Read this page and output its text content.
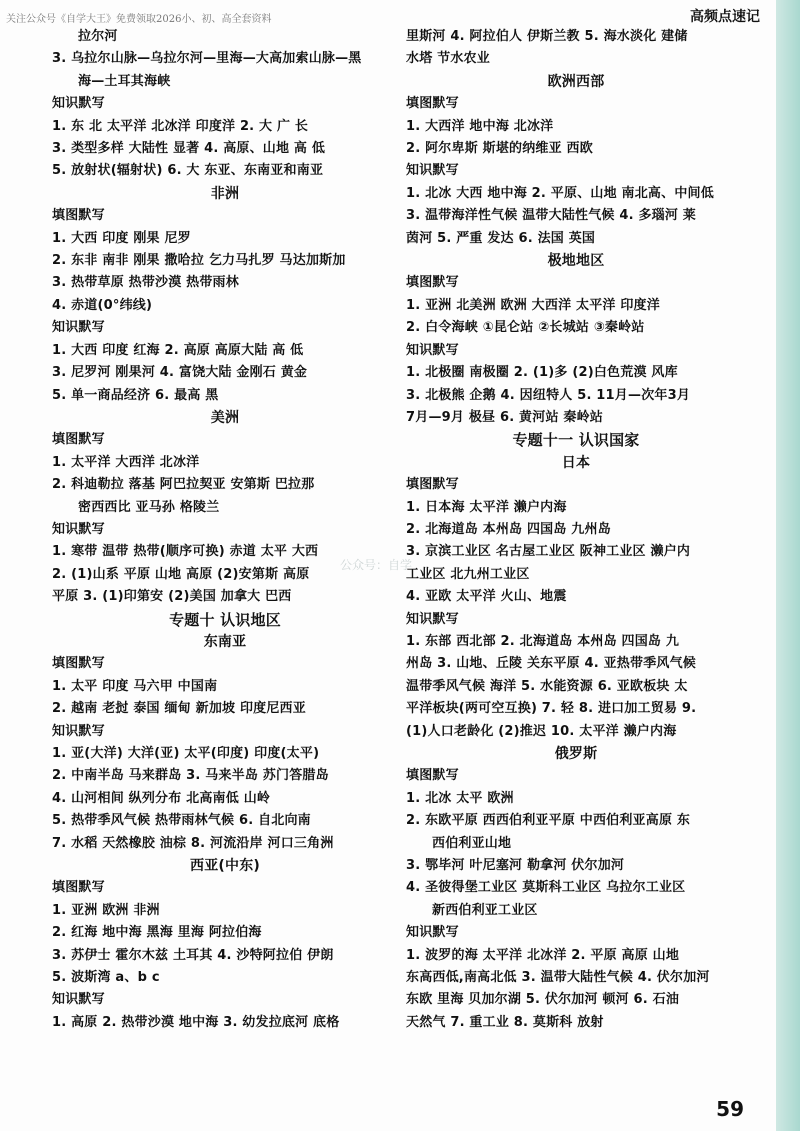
关注公众号《自学大王》免费领取2026小、初、高全套资料	高频点速记
公众号：自学
拉尔河
3. 乌拉尔山脉—乌拉尔河—里海—大高加索山脉—黑
海—土耳其海峡
知识默写
1. 东 北 太平洋 北冰洋 印度洋 2. 大 广 长
3. 类型多样 大陆性 显著 4. 高原、山地 高 低
5. 放射状(辐射状) 6. 大 东亚、东南亚和南亚
非洲
填图默写
1. 大西 印度 刚果 尼罗
2. 东非 南非 刚果 撒哈拉 乞力马扎罗 马达加斯加
3. 热带草原 热带沙漠 热带雨林
4. 赤道(0°纬线)
知识默写
1. 大西 印度 红海 2. 高原 高原大陆 高 低
3. 尼罗河 刚果河 4. 富饶大陆 金刚石 黄金
5. 单一商品经济 6. 最高 黑
美洲
填图默写
1. 太平洋 大西洋 北冰洋
2. 科迪勒拉 落基 阿巴拉契亚 安第斯 巴拉那
密西西比 亚马孙 格陵兰
知识默写
1. 寒带 温带 热带(顺序可换) 赤道 太平 大西
2. (1)山系 平原 山地 高原 (2)安第斯 高原
平原 3. (1)印第安 (2)美国 加拿大 巴西
专题十 认识地区
东南亚
填图默写
1. 太平 印度 马六甲 中国南
2. 越南 老挝 泰国 缅甸 新加坡 印度尼西亚
知识默写
1. 亚(大洋) 大洋(亚) 太平(印度) 印度(太平)
2. 中南半岛 马来群岛 3. 马来半岛 苏门答腊岛
4. 山河相间 纵列分布 北高南低 山岭
5. 热带季风气候 热带雨林气候 6. 自北向南
7. 水稻 天然橡胶 油棕 8. 河流沿岸 河口三角洲
西亚(中东)
填图默写
1. 亚洲 欧洲 非洲
2. 红海 地中海 黑海 里海 阿拉伯海
3. 苏伊士 霍尔木兹 土耳其 4. 沙特阿拉伯 伊朗
5. 波斯湾 a、b c
知识默写
1. 高原 2. 热带沙漠 地中海 3. 幼发拉底河 底格
里斯河 4. 阿拉伯人 伊斯兰教 5. 海水淡化 建储
水塔 节水农业
欧洲西部
填图默写
1. 大西洋 地中海 北冰洋
2. 阿尔卑斯 斯堪的纳维亚 西欧
知识默写
1. 北冰 大西 地中海 2. 平原、山地 南北高、中间低
3. 温带海洋性气候 温带大陆性气候 4. 多瑙河 莱
茵河 5. 严重 发达 6. 法国 英国
极地地区
填图默写
1. 亚洲 北美洲 欧洲 大西洋 太平洋 印度洋
2. 白令海峡 ①昆仑站 ②长城站 ③秦岭站
知识默写
1. 北极圈 南极圈 2. (1)多 (2)白色荒漠 风库
3. 北极熊 企鹅 4. 因纽特人 5. 11月—次年3月
7月—9月 极昼 6. 黄河站 秦岭站
专题十一 认识国家
日本
填图默写
1. 日本海 太平洋 濑户内海
2. 北海道岛 本州岛 四国岛 九州岛
3. 京滨工业区 名古屋工业区 阪神工业区 濑户内
工业区 北九州工业区
4. 亚欧 太平洋 火山、地震
知识默写
1. 东部 西北部 2. 北海道岛 本州岛 四国岛 九
州岛 3. 山地、丘陵 关东平原 4. 亚热带季风气候
温带季风气候 海洋 5. 水能资源 6. 亚欧板块 太
平洋板块(两可空互换) 7. 轻 8. 进口加工贸易 9.
(1)人口老龄化 (2)推迟 10. 太平洋 濑户内海
俄罗斯
填图默写
1. 北冰 太平 欧洲
2. 东欧平原 西西伯利亚平原 中西伯利亚高原 东
西伯利亚山地
3. 鄂毕河 叶尼塞河 勒拿河 伏尔加河
4. 圣彼得堡工业区 莫斯科工业区 乌拉尔工业区
新西伯利亚工业区
知识默写
1. 波罗的海 太平洋 北冰洋 2. 平原 高原 山地
东高西低,南高北低 3. 温带大陆性气候 4. 伏尔加河
东欧 里海 贝加尔湖 5. 伏尔加河 顿河 6. 石油
天然气 7. 重工业 8. 莫斯科 放射
59
